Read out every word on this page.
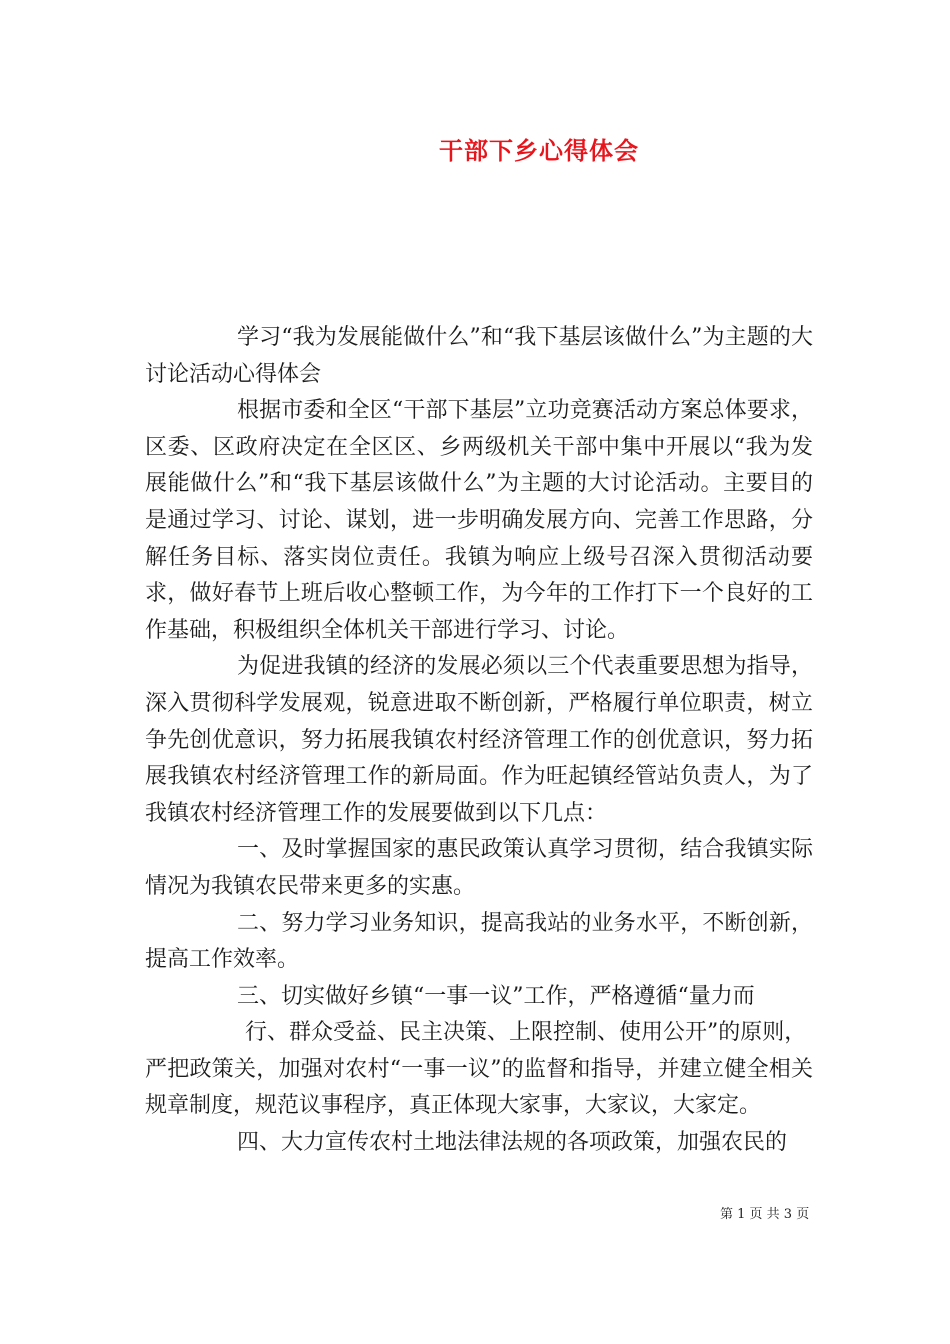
干部下乡心得体会

学习“我为发展能做什么”和“我下基层该做什么”为主题的大讨论活动心得体会

根据市委和全区“干部下基层”立功竞赛活动方案总体要求，区委、区政府决定在全区区、乡两级机关干部中集中开展以“我为发展能做什么”和“我下基层该做什么”为主题的大讨论活动。主要目的是通过学习、讨论、谋划，进一步明确发展方向、完善工作思路，分解任务目标、落实岗位责任。我镇为响应上级号召深入贯彻活动要求，做好春节上班后收心整顿工作，为今年的工作打下一个良好的工作基础，积极组织全体机关干部进行学习、讨论。

为促进我镇的经济的发展必须以三个代表重要思想为指导，深入贯彻科学发展观，锐意进取不断创新，严格履行单位职责，树立争先创优意识，努力拓展我镇农村经济管理工作的创优意识，努力拓展我镇农村经济管理工作的新局面。作为旺起镇经管站负责人，为了我镇农村经济管理工作的发展要做到以下几点：

一、及时掌握国家的惠民政策认真学习贯彻，结合我镇实际情况为我镇农民带来更多的实惠。

二、努力学习业务知识，提高我站的业务水平，不断创新，提高工作效率。

三、切实做好乡镇“一事一议”工作，严格遵循“量力而

行、群众受益、民主决策、上限控制、使用公开”的原则，

严把政策关，加强对农村“一事一议”的监督和指导，并建立健全相关规章制度，规范议事程序，真正体现大家事，大家议，大家定。

四、大力宣传农村土地法律法规的各项政策，加强农民的

第 1 页 共 3 页
